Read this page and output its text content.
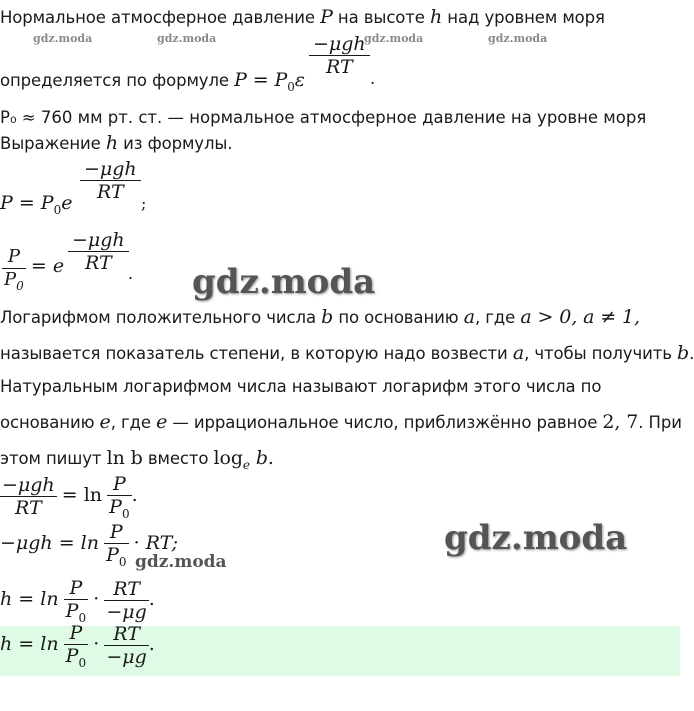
Нормальное атмосферное давление P на высоте h над уровнем моря
gdz.moda	gdz.moda	gdz.moda	gdz.moda
определяется по формуле $P = P_0\varepsilon$
−μgh
RT
.
P₀ ≈ 760 мм рт. ст. — нормальное атмосферное давление на уровне моря
Выражение h из формулы.
$P = P_0e$
−μgh
RT
;
$\frac{P}{P_0} = e$
−μgh
RT	. gdz.moda
Логарифмом положительного числа b по основанию a, где a > 0, a ≠ 1,
называется показатель степени, в которую надо возвести a, чтобы получить b.
Натуральным логарифмом числа называют логарифм этого числа по
основанию e, где e — иррациональное число, приблизжённо равное 2, 7. При
этом пишут ln b вместо $\log_e b$.
$\frac{\text{−μgh}}{RT} = \ln \frac{P}{P_0}$ .
gdz.moda
$-\mu gh = \ln \frac{P}{P_0}$ · RT;
gdz.moda
$h = \ln \frac{P}{P_0} \cdot \frac{RT}{-\mu g}$ .
$h = \ln \frac{P}{P_0} \cdot \frac{RT}{-\mu g}$ .
